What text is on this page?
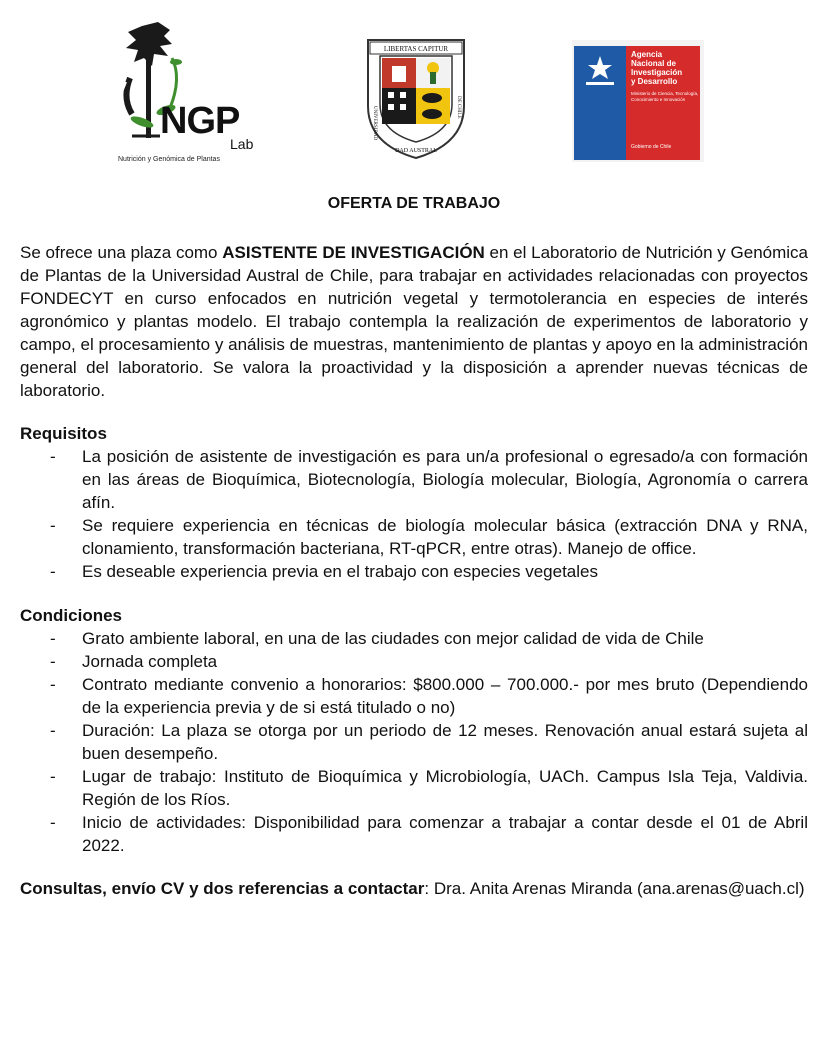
NGP
Lab
Nutrición y Genómica de Plantas
LIBERTAS CAPITUR
UNIVERSIDAD
DAD AUSTRAL
DE CHILE
Agencia
Nacional de
Investigación
y Desarrollo
Ministerio de Ciencia, Tecnología, Conocimiento e Innovación
Gobierno de Chile
OFERTA DE TRABAJO

Se ofrece una plaza como ASISTENTE DE INVESTIGACIÓN en el Laboratorio de Nutrición y Genómica de Plantas de la Universidad Austral de Chile, para trabajar en actividades relacionadas con proyectos FONDECYT en curso enfocados en nutrición vegetal y termotolerancia en especies de interés agronómico y plantas modelo. El trabajo contempla la realización de experimentos de laboratorio y campo, el procesamiento y análisis de muestras, mantenimiento de plantas y apoyo en la administración general del laboratorio. Se valora la proactividad y la disposición a aprender nuevas técnicas de laboratorio.

Requisitos
- La posición de asistente de investigación es para un/a profesional o egresado/a con formación en las áreas de Bioquímica, Biotecnología, Biología molecular, Biología, Agronomía o carrera afín.
- Se requiere experiencia en técnicas de biología molecular básica (extracción DNA y RNA, clonamiento, transformación bacteriana, RT-qPCR, entre otras). Manejo de office.
- Es deseable experiencia previa en el trabajo con especies vegetales
Condiciones
- Grato ambiente laboral, en una de las ciudades con mejor calidad de vida de Chile
- Jornada completa
- Contrato mediante convenio a honorarios: $800.000 – 700.000.- por mes bruto (Dependiendo de la experiencia previa y de si está titulado o no)
- Duración: La plaza se otorga por un periodo de 12 meses. Renovación anual estará sujeta al buen desempeño.
- Lugar de trabajo: Instituto de Bioquímica y Microbiología, UACh. Campus Isla Teja, Valdivia. Región de los Ríos.
- Inicio de actividades: Disponibilidad para comenzar a trabajar a contar desde el 01 de Abril 2022.

Consultas, envío CV y dos referencias a contactar: Dra. Anita Arenas Miranda (ana.arenas@uach.cl)
